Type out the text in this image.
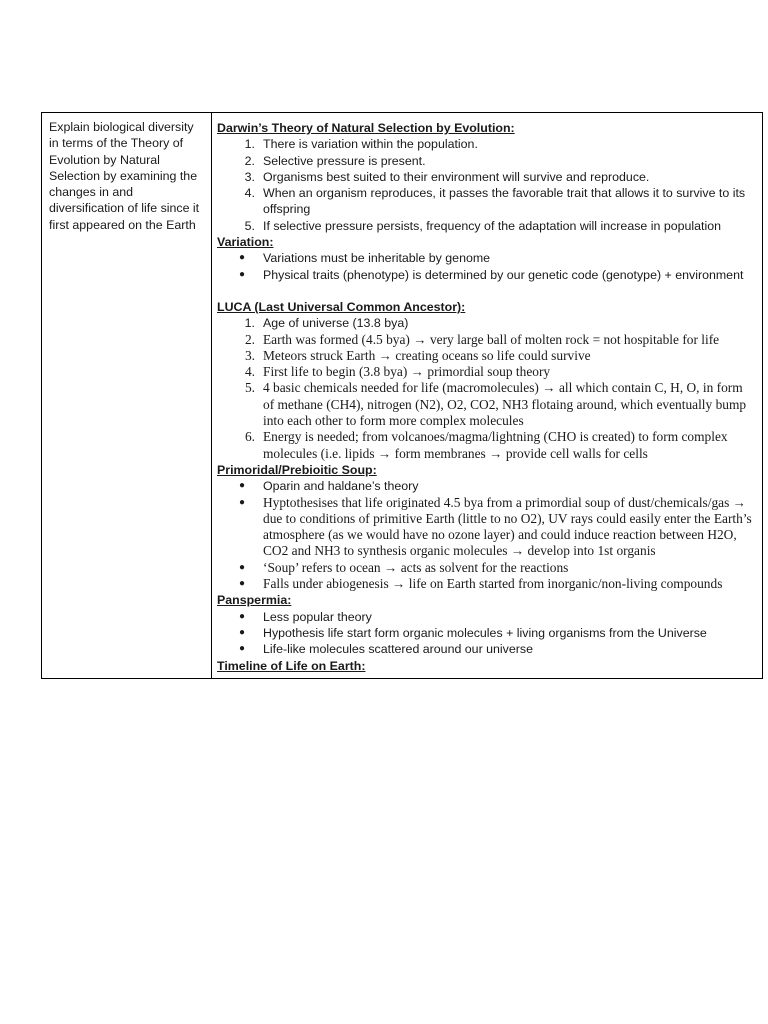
Explain biological diversity in terms of the Theory of Evolution by Natural Selection by examining the changes in and diversification of life since it first appeared on the Earth

Darwin’s Theory of Natural Selection by Evolution:

1. There is variation within the population.
2. Selective pressure is present.
3. Organisms best suited to their environment will survive and reproduce.
4. When an organism reproduces, it passes the favorable trait that allows it to survive to its offspring
5. If selective pressure persists, frequency of the adaptation will increase in population

Variation:

●	Variations must be inheritable by genome
●	Physical traits (phenotype) is determined by our genetic code (genotype) + environment

LUCA (Last Universal Common Ancestor):

1. Age of universe (13.8 bya)
2. Earth was formed (4.5 bya) → very large ball of molten rock = not hospitable for life
3. Meteors struck Earth → creating oceans so life could survive
4. First life to begin (3.8 bya) → primordial soup theory
5. 4 basic chemicals needed for life (macromolecules) → all which contain C, H, O, in form of methane (CH4), nitrogen (N2), O2, CO2, NH3 flotaing around, which eventually bump into each other to form more complex molecules
6. Energy is needed; from volcanoes/magma/lightning (CHO is created) to form complex molecules (i.e. lipids → form membranes → provide cell walls for cells

Primoridal/Prebioitic Soup:

●	Oparin and haldane’s theory
● Hyptothesises that life originated 4.5 bya from a primordial soup of dust/chemicals/gas → due to conditions of primitive Earth (little to no O2), UV rays could easily enter the Earth’s atmosphere (as we would have no ozone layer) and could induce reaction between H2O, CO2 and NH3 to synthesis organic molecules → develop into 1st organis
● ‘Soup’ refers to ocean → acts as solvent for the reactions
● Falls under abiogenesis → life on Earth started from inorganic/non-living compounds

Panspermia:

●	Less popular theory
●	Hypothesis life start form organic molecules + living organisms from the Universe
●	Life-like molecules scattered around our universe

Timeline of Life on Earth:
